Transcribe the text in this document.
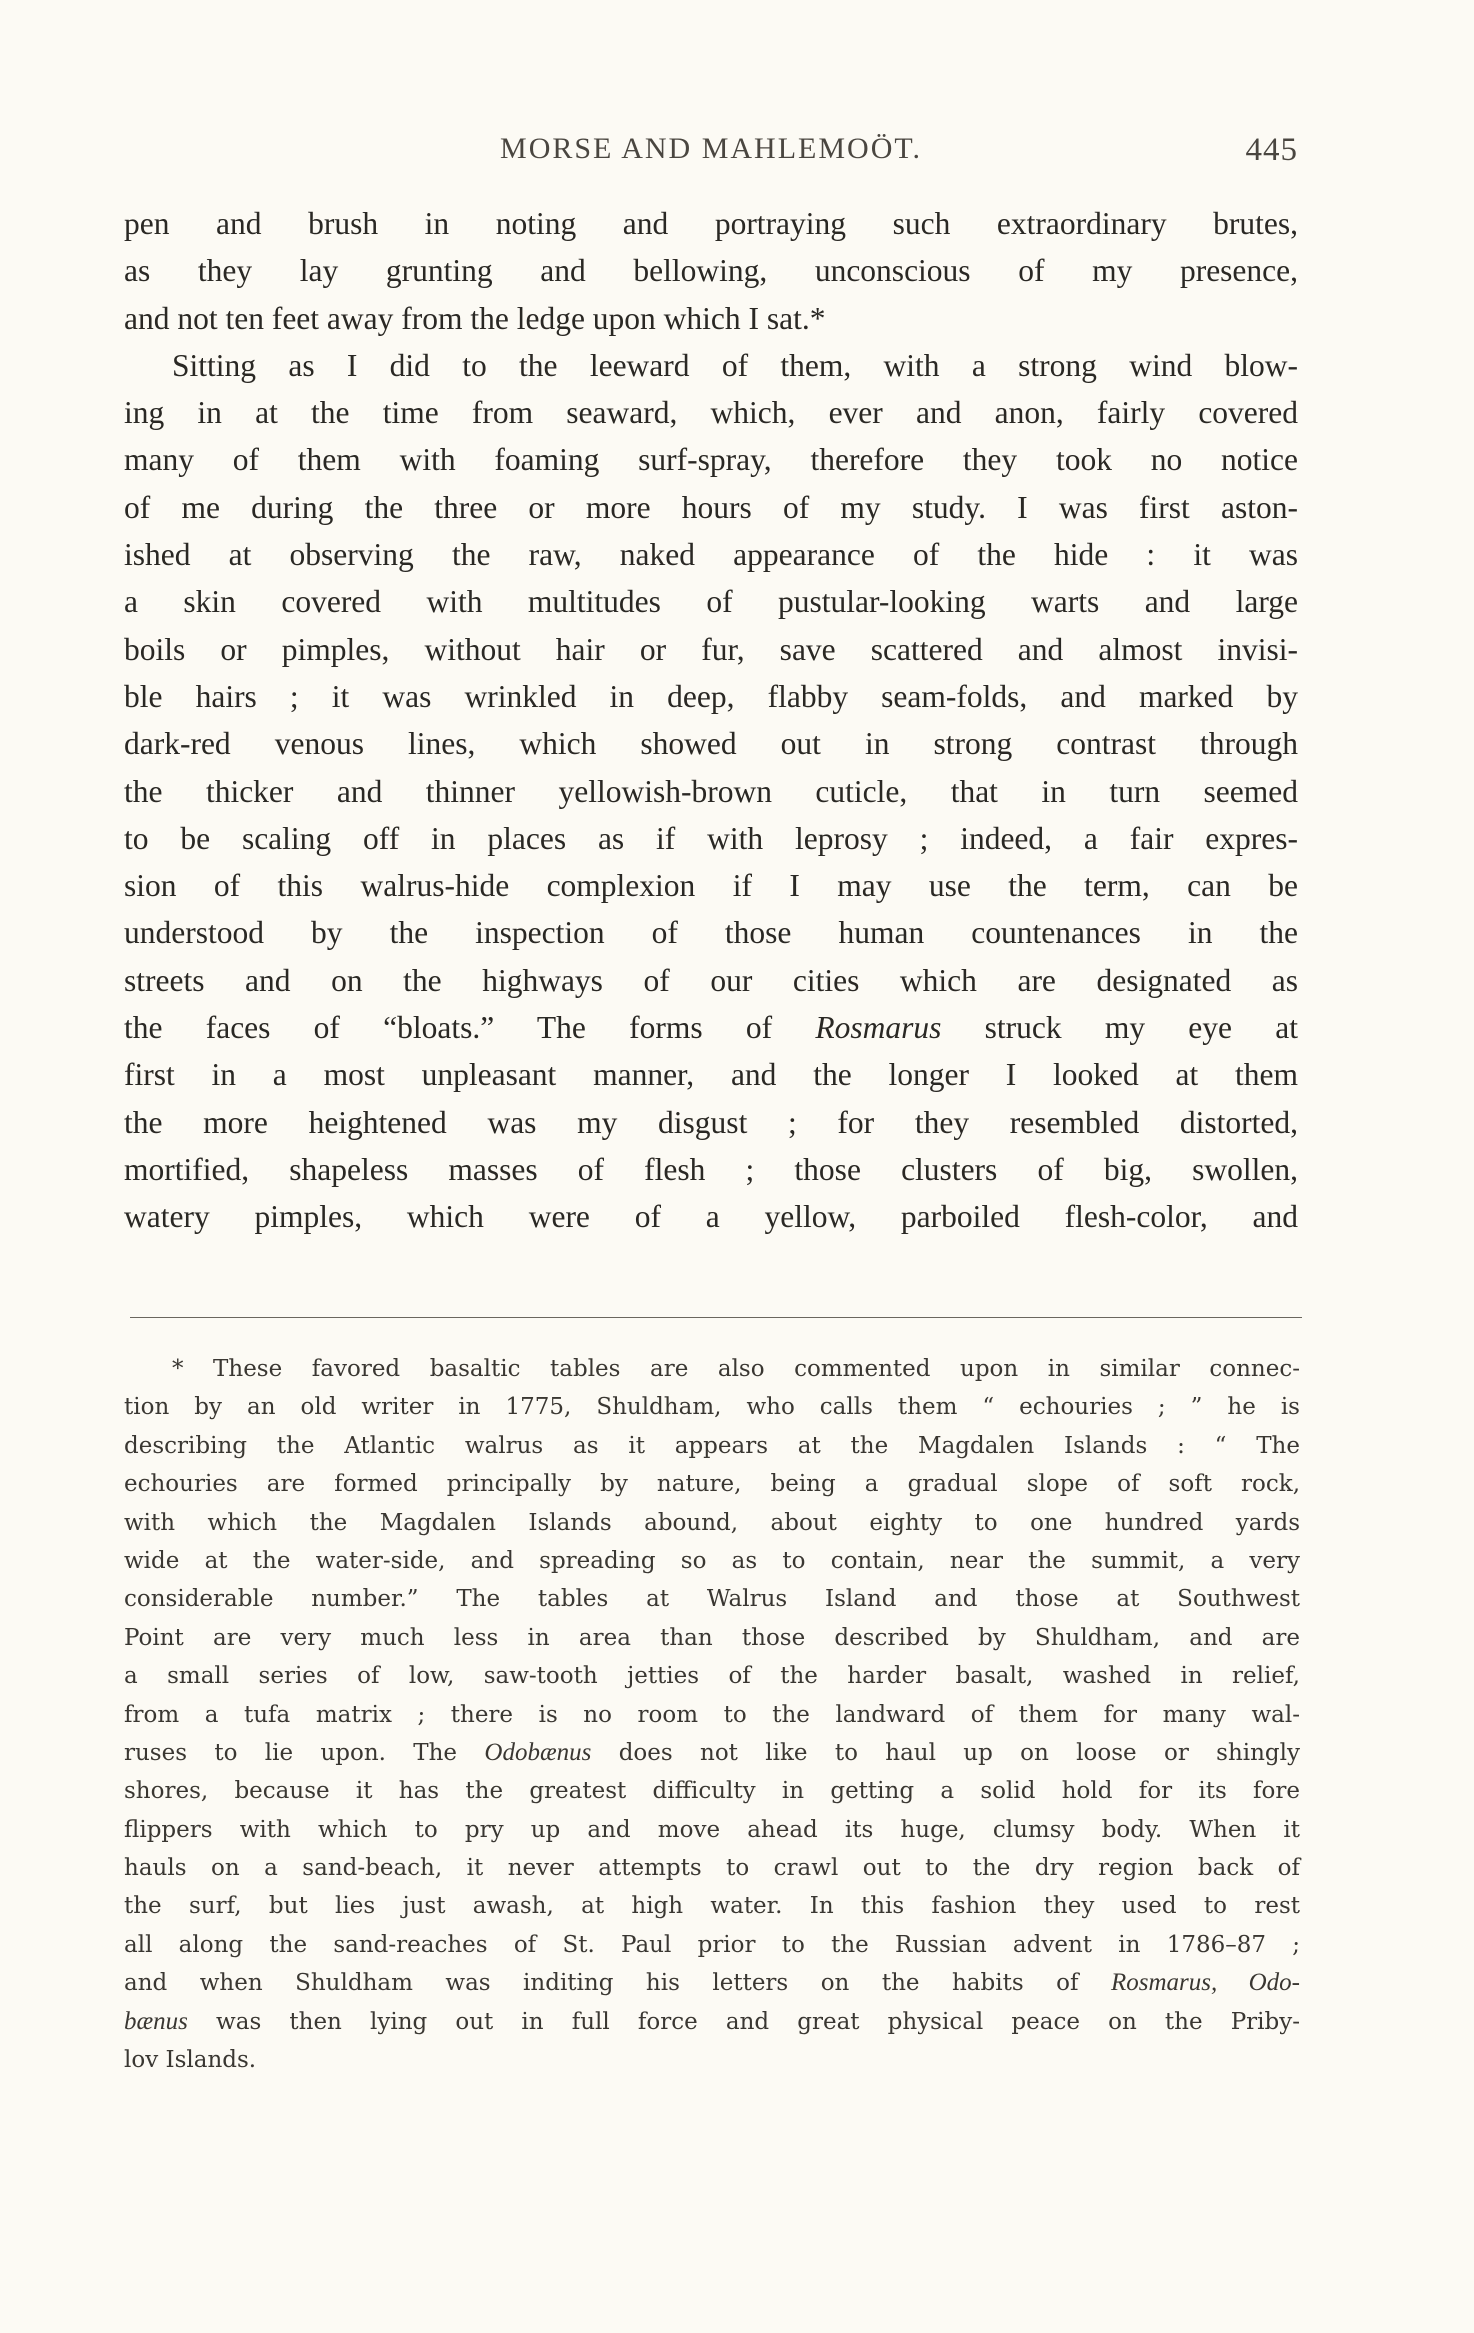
MORSE AND MAHLEMOÖT.	445
pen and brush in noting and portraying such extraordinary brutes,
as they lay grunting and bellowing, unconscious of my presence,
and not ten feet away from the ledge upon which I sat.*
Sitting as I did to the leeward of them, with a strong wind blow-
ing in at the time from seaward, which, ever and anon, fairly covered
many of them with foaming surf-spray, therefore they took no notice
of me during the three or more hours of my study. I was first aston-
ished at observing the raw, naked appearance of the hide : it was
a skin covered with multitudes of pustular-looking warts and large
boils or pimples, without hair or fur, save scattered and almost invisi-
ble hairs ; it was wrinkled in deep, flabby seam-folds, and marked by
dark-red venous lines, which showed out in strong contrast through
the thicker and thinner yellowish-brown cuticle, that in turn seemed
to be scaling off in places as if with leprosy ; indeed, a fair expres-
sion of this walrus-hide complexion if I may use the term, can be
understood by the inspection of those human countenances in the
streets and on the highways of our cities which are designated as
the faces of “bloats.” The forms of Rosmarus struck my eye at
first in a most unpleasant manner, and the longer I looked at them
the more heightened was my disgust ; for they resembled distorted,
mortified, shapeless masses of flesh ; those clusters of big, swollen,
watery pimples, which were of a yellow, parboiled flesh-color, and
* These favored basaltic tables are also commented upon in similar connec-
tion by an old writer in 1775, Shuldham, who calls them “ echouries ; ” he is
describing the Atlantic walrus as it appears at the Magdalen Islands : “ The
echouries are formed principally by nature, being a gradual slope of soft rock,
with which the Magdalen Islands abound, about eighty to one hundred yards
wide at the water-side, and spreading so as to contain, near the summit, a very
considerable number.” The tables at Walrus Island and those at Southwest
Point are very much less in area than those described by Shuldham, and are
a small series of low, saw-tooth jetties of the harder basalt, washed in relief,
from a tufa matrix ; there is no room to the landward of them for many wal-
ruses to lie upon. The Odobænus does not like to haul up on loose or shingly
shores, because it has the greatest difficulty in getting a solid hold for its fore
flippers with which to pry up and move ahead its huge, clumsy body. When it
hauls on a sand-beach, it never attempts to crawl out to the dry region back of
the surf, but lies just awash, at high water. In this fashion they used to rest
all along the sand-reaches of St. Paul prior to the Russian advent in 1786–87 ;
and when Shuldham was inditing his letters on the habits of Rosmarus, Odo-
bænus was then lying out in full force and great physical peace on the Priby-
lov Islands.
